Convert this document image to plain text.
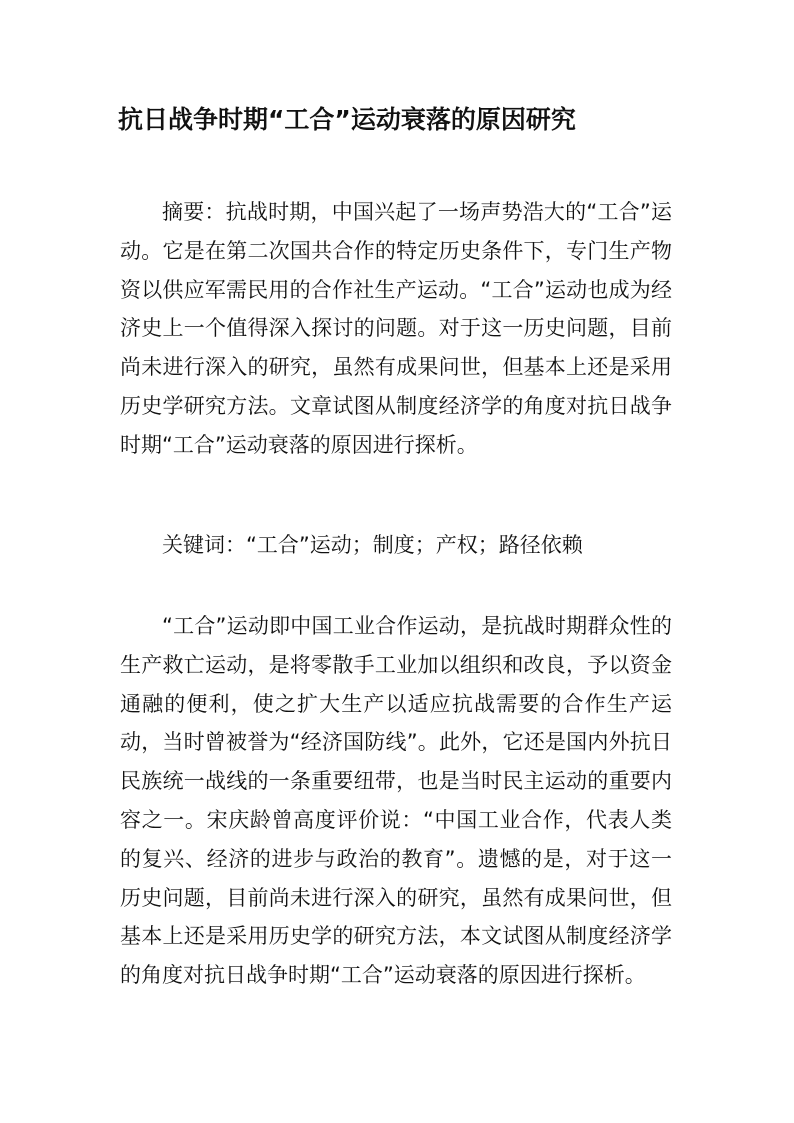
抗日战争时期“工合”运动衰落的原因研究

摘要：抗战时期，中国兴起了一场声势浩大的“工合”运动。它是在第二次国共合作的特定历史条件下，专门生产物资以供应军需民用的合作社生产运动。“工合”运动也成为经济史上一个值得深入探讨的问题。对于这一历史问题，目前尚未进行深入的研究，虽然有成果问世，但基本上还是采用历史学研究方法。文章试图从制度经济学的角度对抗日战争时期“工合”运动衰落的原因进行探析。

关键词：“工合”运动；制度；产权；路径依赖

“工合”运动即中国工业合作运动，是抗战时期群众性的生产救亡运动，是将零散手工业加以组织和改良，予以资金通融的便利，使之扩大生产以适应抗战需要的合作生产运动，当时曾被誉为“经济国防线”。此外，它还是国内外抗日民族统一战线的一条重要纽带，也是当时民主运动的重要内容之一。宋庆龄曾高度评价说：“中国工业合作，代表人类的复兴、经济的进步与政治的教育”。遗憾的是，对于这一历史问题，目前尚未进行深入的研究，虽然有成果问世，但基本上还是采用历史学的研究方法，本文试图从制度经济学的角度对抗日战争时期“工合”运动衰落的原因进行探析。
